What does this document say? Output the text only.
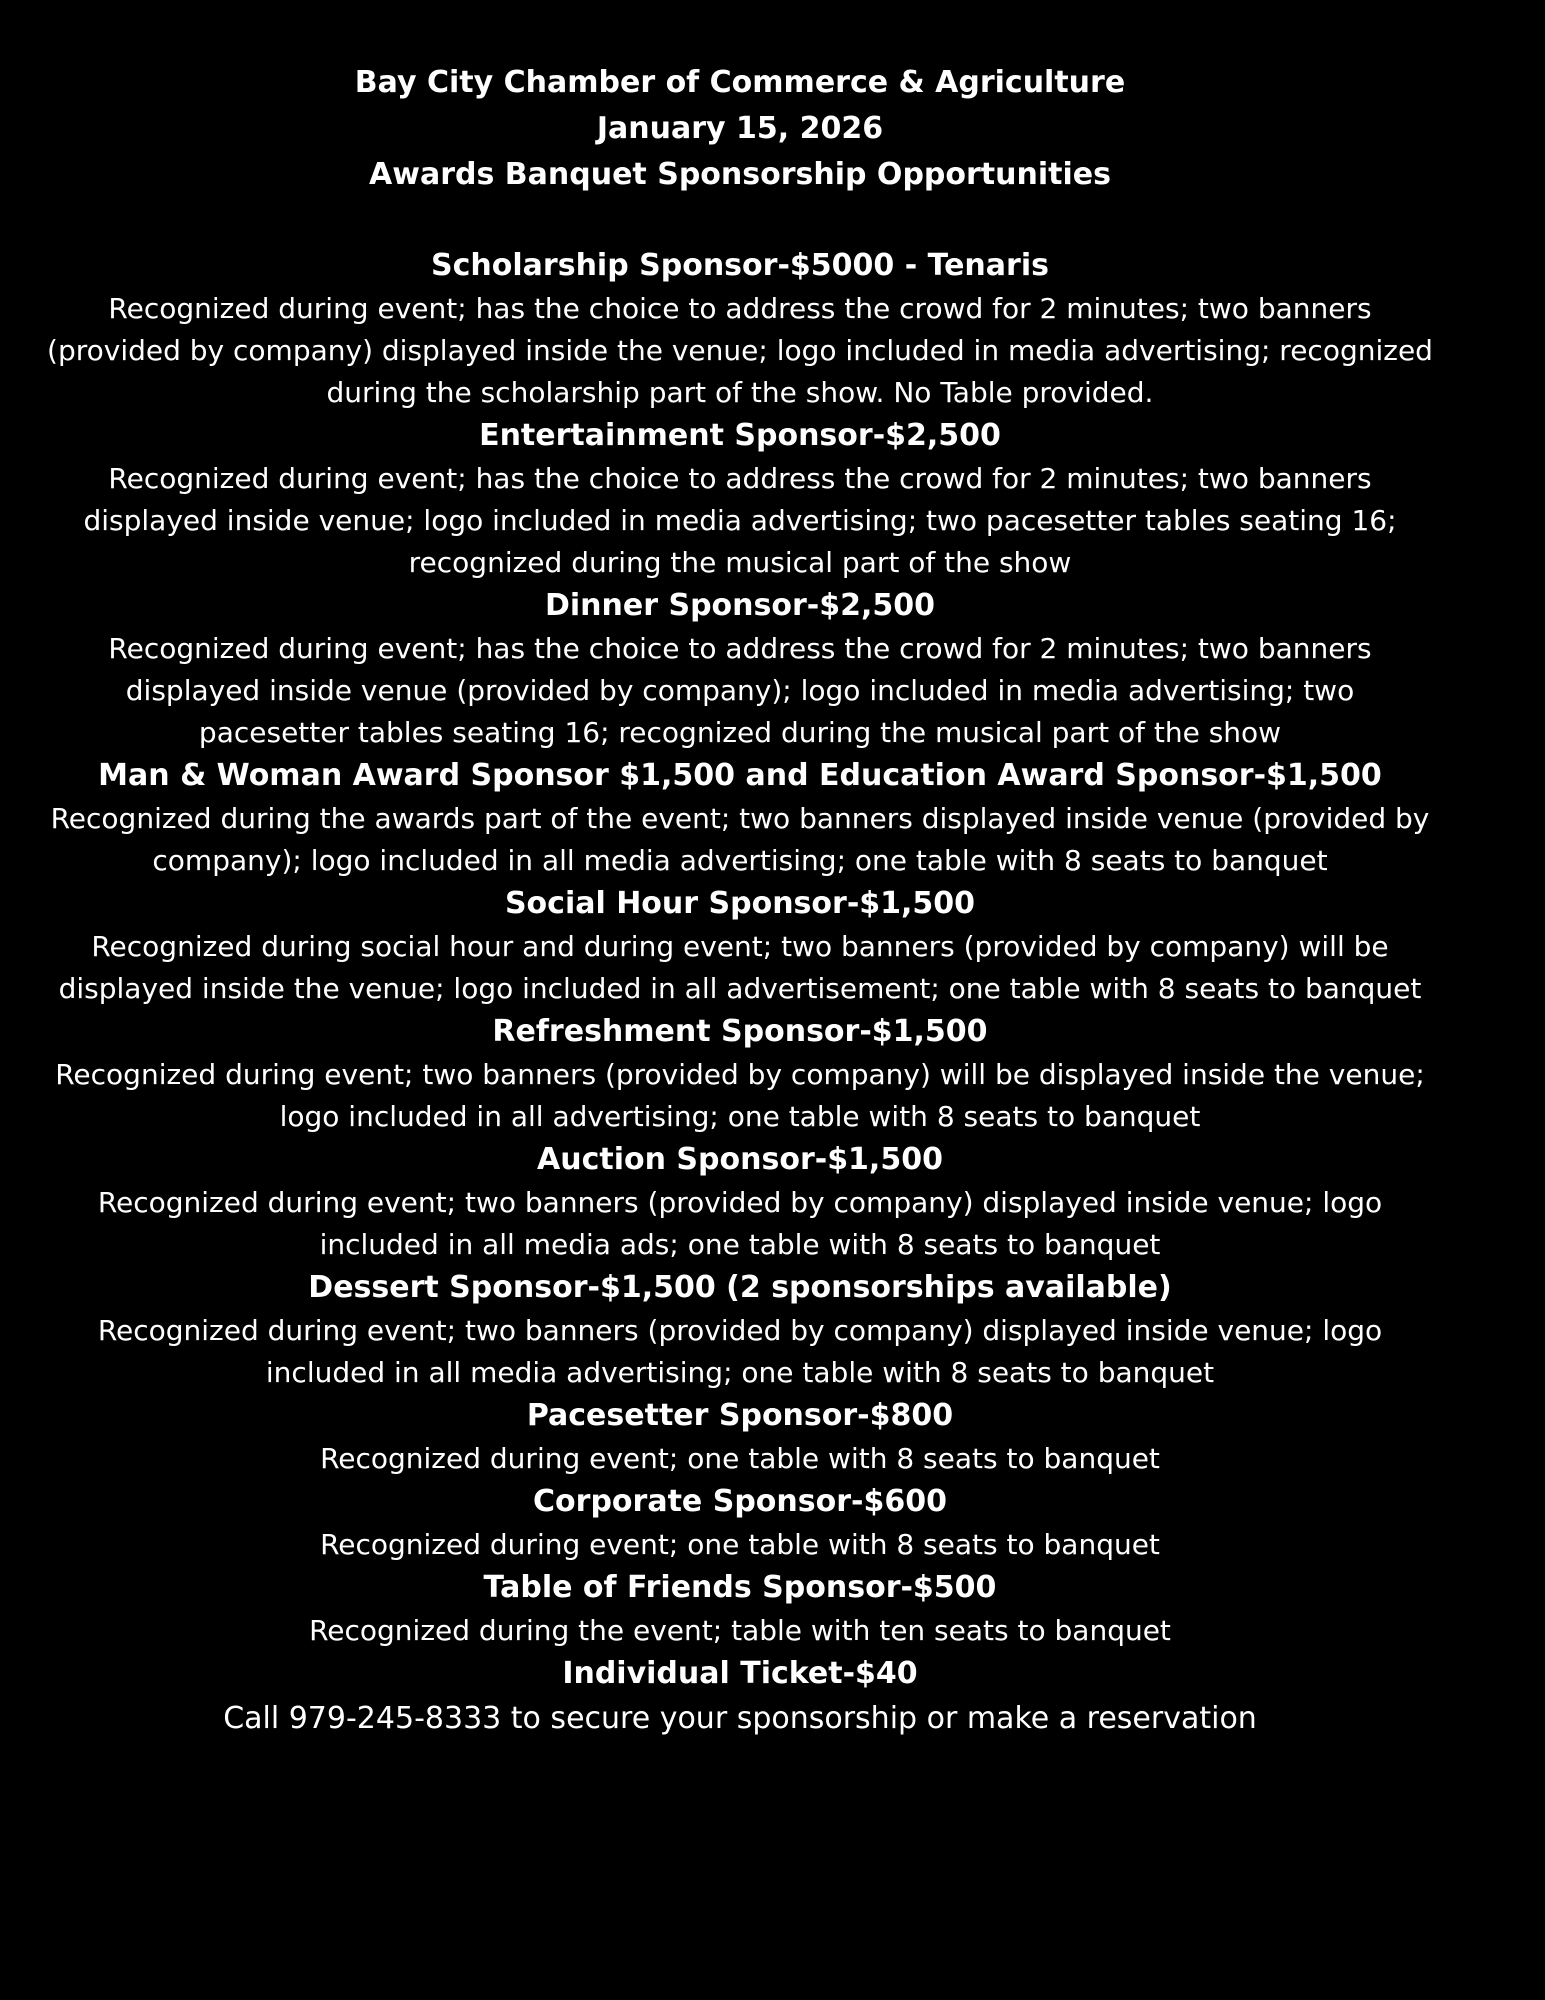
Bay City Chamber of Commerce & Agriculture

January 15, 2026

Awards Banquet Sponsorship Opportunities

Scholarship Sponsor-$5000 - Tenaris

Recognized during event; has the choice to address the crowd for 2 minutes; two banners
(provided by company) displayed inside the venue; logo included in media advertising; recognized
during the scholarship part of the show. No Table provided.

Entertainment Sponsor-$2,500

Recognized during event; has the choice to address the crowd for 2 minutes; two banners
displayed inside venue; logo included in media advertising; two pacesetter tables seating 16;
recognized during the musical part of the show

Dinner Sponsor-$2,500

Recognized during event; has the choice to address the crowd for 2 minutes; two banners
displayed inside venue (provided by company); logo included in media advertising; two
pacesetter tables seating 16; recognized during the musical part of the show

Man & Woman Award Sponsor $1,500 and Education Award Sponsor-$1,500

Recognized during the awards part of the event; two banners displayed inside venue (provided by
company); logo included in all media advertising; one table with 8 seats to banquet

Social Hour Sponsor-$1,500

Recognized during social hour and during event; two banners (provided by company) will be
displayed inside the venue; logo included in all advertisement; one table with 8 seats to banquet

Refreshment Sponsor-$1,500

Recognized during event; two banners (provided by company) will be displayed inside the venue;
logo included in all advertising; one table with 8 seats to banquet

Auction Sponsor-$1,500

Recognized during event; two banners (provided by company) displayed inside venue; logo
included in all media ads; one table with 8 seats to banquet

Dessert Sponsor-$1,500 (2 sponsorships available)

Recognized during event; two banners (provided by company) displayed inside venue; logo
included in all media advertising; one table with 8 seats to banquet

Pacesetter Sponsor-$800

Recognized during event; one table with 8 seats to banquet

Corporate Sponsor-$600

Recognized during event; one table with 8 seats to banquet

Table of Friends Sponsor-$500

Recognized during the event; table with ten seats to banquet

Individual Ticket-$40

Call 979-245-8333 to secure your sponsorship or make a reservation
